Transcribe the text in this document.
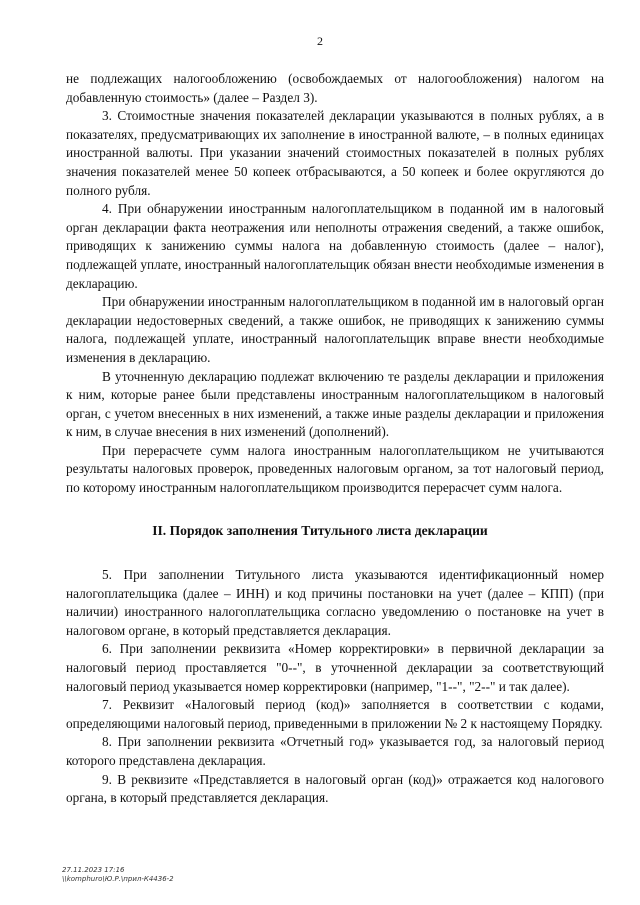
2

не подлежащих налогообложению (освобождаемых от налогообложения) налогом на добавленную стоимость» (далее – Раздел 3).

3. Стоимостные значения показателей декларации указываются в полных рублях, а в показателях, предусматривающих их заполнение в иностранной валюте, – в полных единицах иностранной валюты. При указании значений стоимостных показателей в полных рублях значения показателей менее 50 копеек отбрасываются, а 50 копеек и более округляются до полного рубля.

4. При обнаружении иностранным налогоплательщиком в поданной им в налоговый орган декларации факта неотражения или неполноты отражения сведений, а также ошибок, приводящих к занижению суммы налога на добавленную стоимость (далее – налог), подлежащей уплате, иностранный налогоплательщик обязан внести необходимые изменения в декларацию.

При обнаружении иностранным налогоплательщиком в поданной им в налоговый орган декларации недостоверных сведений, а также ошибок, не приводящих к занижению суммы налога, подлежащей уплате, иностранный налогоплательщик вправе внести необходимые изменения в декларацию.

В уточненную декларацию подлежат включению те разделы декларации и приложения к ним, которые ранее были представлены иностранным налогоплательщиком в налоговый орган, с учетом внесенных в них изменений, а также иные разделы декларации и приложения к ним, в случае внесения в них изменений (дополнений).

При перерасчете сумм налога иностранным налогоплательщиком не учитываются результаты налоговых проверок, проведенных налоговым органом, за тот налоговый период, по которому иностранным налогоплательщиком производится перерасчет сумм налога.

II. Порядок заполнения Титульного листа декларации

5. При заполнении Титульного листа указываются идентификационный номер налогоплательщика (далее – ИНН) и код причины постановки на учет (далее – КПП) (при наличии) иностранного налогоплательщика согласно уведомлению о постановке на учет в налоговом органе, в который представляется декларация.

6. При заполнении реквизита «Номер корректировки» в первичной декларации за налоговый период проставляется "0--", в уточненной декларации за соответствующий налоговый период указывается номер корректировки (например, "1--", "2--" и так далее).

7. Реквизит «Налоговый период (код)» заполняется в соответствии с кодами, определяющими налоговый период, приведенными в приложении № 2 к настоящему Порядку.

8. При заполнении реквизита «Отчетный год» указывается год, за налоговый период которого представлена декларация.

9. В реквизите «Представляется в налоговый орган (код)» отражается код налогового органа, в который представляется декларация.

27.11.2023 17:16
\\komphuro\Ю.Р.\прил-К4436-2
